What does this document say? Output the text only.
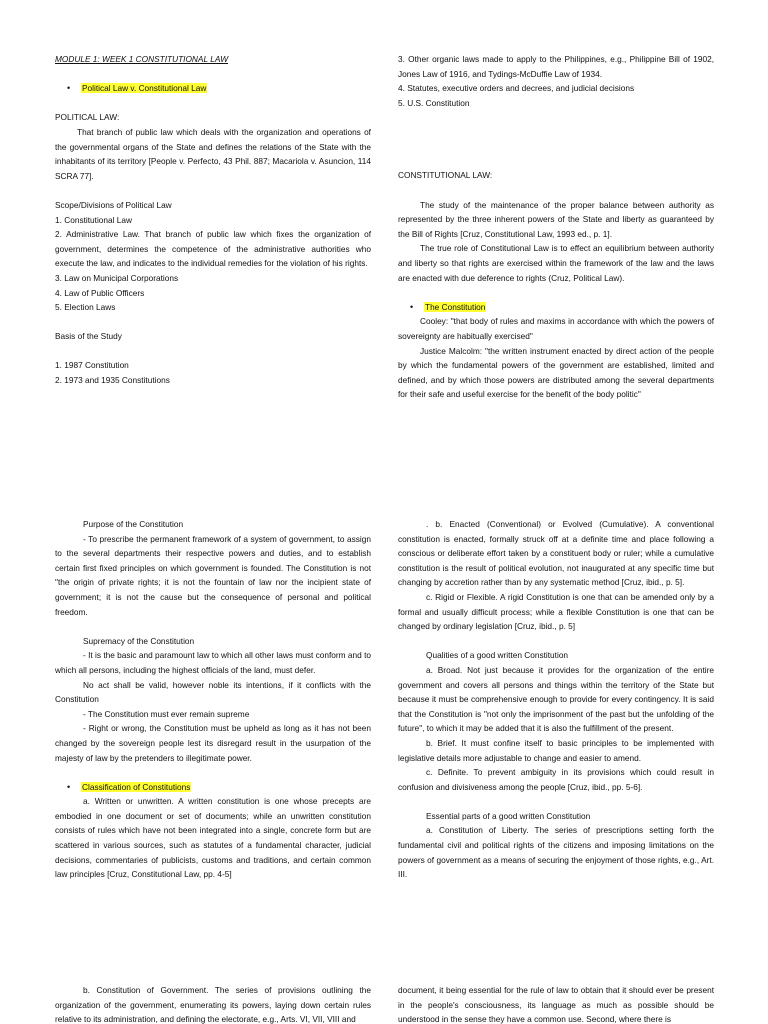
MODULE 1: WEEK 1 CONSTITUTIONAL LAW

• Political Law v. Constitutional Law

POLITICAL LAW:

That branch of public law which deals with the organization and operations of the governmental organs of the State and defines the relations of the State with the inhabitants of its territory [People v. Perfecto, 43 Phil. 887; Macariola v. Asuncion, 114 SCRA 77].

Scope/Divisions of Political Law

1. Constitutional Law

2. Administrative Law. That branch of public law which fixes the organization of government, determines the competence of the administrative authorities who execute the law, and indicates to the individual remedies for the violation of his rights.

3. Law on Municipal Corporations

4. Law of Public Officers

5. Election Laws

Basis of the Study

1. 1987 Constitution

2. 1973 and 1935 Constitutions

3. Other organic laws made to apply to the Philippines, e.g., Philippine Bill of 1902, Jones Law of 1916, and Tydings-McDuffie Law of 1934.

4. Statutes, executive orders and decrees, and judicial decisions

5. U.S. Constitution

CONSTITUTIONAL LAW:

The study of the maintenance of the proper balance between authority as represented by the three inherent powers of the State and liberty as guaranteed by the Bill of Rights [Cruz, Constitutional Law, 1993 ed., p. 1].

The true role of Constitutional Law is to effect an equilibrium between authority and liberty so that rights are exercised within the framework of the law and the laws are enacted with due deference to rights (Cruz, Political Law).

• The Constitution

Cooley: "that body of rules and maxims in accordance with which the powers of sovereignty are habitually exercised"

Justice Malcolm: "the written instrument enacted by direct action of the people by which the fundamental powers of the government are established, limited and defined, and by which those powers are distributed among the several departments for their safe and useful exercise for the benefit of the body politic"

Purpose of the Constitution

- To prescribe the permanent framework of a system of government, to assign to the several departments their respective powers and duties, and to establish certain first fixed principles on which government is founded. The Constitution is not "the origin of private rights; it is not the fountain of law nor the incipient state of government; it is not the cause but the consequence of personal and political freedom.

Supremacy of the Constitution

- It is the basic and paramount law to which all other laws must conform and to which all persons, including the highest officials of the land, must defer.

No act shall be valid, however noble its intentions, if it conflicts with the Constitution

- The Constitution must ever remain supreme

- Right or wrong, the Constitution must be upheld as long as it has not been changed by the sovereign people lest its disregard result in the usurpation of the majesty of law by the pretenders to illegitimate power.

• Classification of Constitutions

a. Written or unwritten. A written constitution is one whose precepts are embodied in one document or set of documents; while an unwritten constitution consists of rules which have not been integrated into a single, concrete form but are scattered in various sources, such as statutes of a fundamental character, judicial decisions, commentaries of publicists, customs and traditions, and certain common law principles [Cruz, Constitutional Law, pp. 4-5]

. b. Enacted (Conventional) or Evolved (Cumulative). A conventional constitution is enacted, formally struck off at a definite time and place following a conscious or deliberate effort taken by a constituent body or ruler; while a cumulative constitution is the result of political evolution, not inaugurated at any specific time but changing by accretion rather than by any systematic method [Cruz, ibid., p. 5].

c. Rigid or Flexible. A rigid Constitution is one that can be amended only by a formal and usually difficult process; while a flexible Constitution is one that can be changed by ordinary legislation [Cruz, ibid., p. 5]

Qualities of a good written Constitution

a. Broad. Not just because it provides for the organization of the entire government and covers all persons and things within the territory of the State but because it must be comprehensive enough to provide for every contingency. It is said that the Constitution is "not only the imprisonment of the past but the unfolding of the future", to which it may be added that it is also the fulfillment of the present.

b. Brief. It must confine itself to basic principles to be implemented with legislative details more adjustable to change and easier to amend.

c. Definite. To prevent ambiguity in its provisions which could result in confusion and divisiveness among the people [Cruz, ibid., pp. 5-6].

Essential parts of a good written Constitution

a. Constitution of Liberty. The series of prescriptions setting forth the fundamental civil and political rights of the citizens and imposing limitations on the powers of government as a means of securing the enjoyment of those rights, e.g., Art. III.

b. Constitution of Government. The series of provisions outlining the organization of the government, enumerating its powers, laying down certain rules relative to its administration, and defining the electorate, e.g., Arts. VI, VII, VIII and

document, it being essential for the rule of law to obtain that it should ever be present in the people's consciousness, its language as much as possible should be understood in the sense they have a common use. Second, where there is
